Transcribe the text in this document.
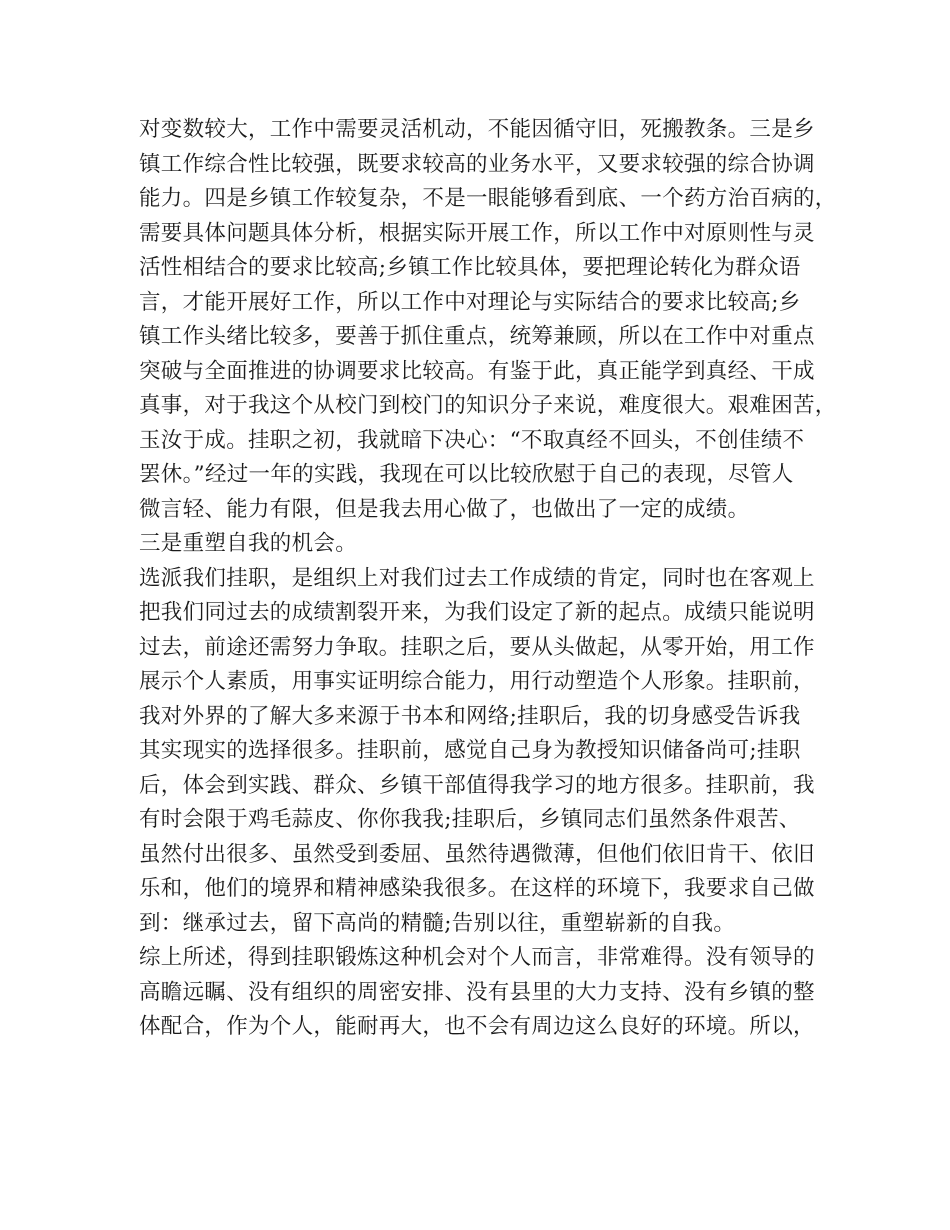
对变数较大，工作中需要灵活机动，不能因循守旧，死搬教条。三是乡
镇工作综合性比较强，既要求较高的业务水平，又要求较强的综合协调
能力。四是乡镇工作较复杂，不是一眼能够看到底、一个药方治百病的，
需要具体问题具体分析，根据实际开展工作，所以工作中对原则性与灵
活性相结合的要求比较高;乡镇工作比较具体，要把理论转化为群众语
言，才能开展好工作，所以工作中对理论与实际结合的要求比较高;乡
镇工作头绪比较多，要善于抓住重点，统筹兼顾，所以在工作中对重点
突破与全面推进的协调要求比较高。有鉴于此，真正能学到真经、干成
真事，对于我这个从校门到校门的知识分子来说，难度很大。艰难困苦，
玉汝于成。挂职之初，我就暗下决心：“不取真经不回头，不创佳绩不
罢休。”经过一年的实践，我现在可以比较欣慰于自己的表现，尽管人
微言轻、能力有限，但是我去用心做了，也做出了一定的成绩。
三是重塑自我的机会。
选派我们挂职，是组织上对我们过去工作成绩的肯定，同时也在客观上
把我们同过去的成绩割裂开来，为我们设定了新的起点。成绩只能说明
过去，前途还需努力争取。挂职之后，要从头做起，从零开始，用工作
展示个人素质，用事实证明综合能力，用行动塑造个人形象。挂职前，
我对外界的了解大多来源于书本和网络;挂职后，我的切身感受告诉我
其实现实的选择很多。挂职前，感觉自己身为教授知识储备尚可;挂职
后，体会到实践、群众、乡镇干部值得我学习的地方很多。挂职前，我
有时会限于鸡毛蒜皮、你你我我;挂职后，乡镇同志们虽然条件艰苦、
虽然付出很多、虽然受到委屈、虽然待遇微薄，但他们依旧肯干、依旧
乐和，他们的境界和精神感染我很多。在这样的环境下，我要求自己做
到：继承过去，留下高尚的精髓;告别以往，重塑崭新的自我。
综上所述，得到挂职锻炼这种机会对个人而言，非常难得。没有领导的
高瞻远瞩、没有组织的周密安排、没有县里的大力支持、没有乡镇的整
体配合，作为个人，能耐再大，也不会有周边这么良好的环境。所以，
